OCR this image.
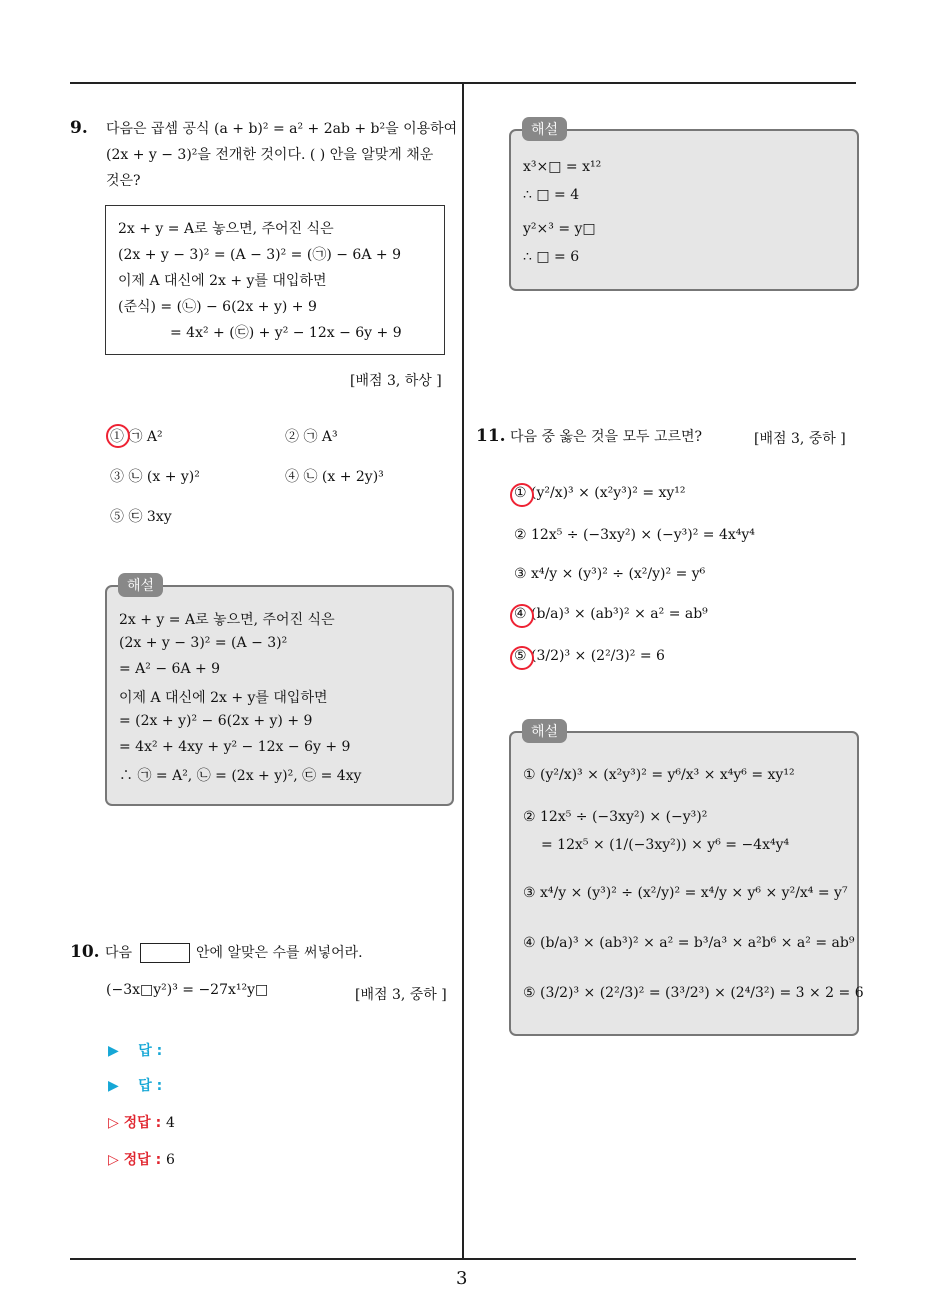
3
9. 다음은 곱셈 공식 (a + b)² = a² + 2ab + b²을 이용하여
(2x + y − 3)²을 전개한 것이다. ( ) 안을 알맞게 채운
것은?
2x + y = A로 놓으면, 주어진 식은
(2x + y − 3)² = (A − 3)² = (㉠) − 6A + 9
이제 A 대신에 2x + y를 대입하면
(준식) = (㉡) − 6(2x + y) + 9
= 4x² + (㉢) + y² − 12x − 6y + 9
[배점 3, 하상 ]
① ㉠ A²	② ㉠ A³
③ ㉡ (x + y)²	④ ㉡ (x + 2y)³
⑤ ㉢ 3xy
2x + y = A로 놓으면, 주어진 식은
(2x + y − 3)² = (A − 3)²
= A² − 6A + 9
이제 A 대신에 2x + y를 대입하면
= (2x + y)² − 6(2x + y) + 9
= 4x² + 4xy + y² − 12x − 6y + 9
∴ ㉠ = A², ㉡ = (2x + y)², ㉢ = 4xy
해설
10. 다음	안에 알맞은 수를 써넣어라.
(−3x□y²)³ = −27x¹²y□	[배점 3, 중하 ]
▶    답 :
▶    답 :
▷ 정답 : 4
▷ 정답 : 6
x³×□ = x¹²
∴ □ = 4
y²×³ = y□
∴ □ = 6
해설
11. 다음 중 옳은 것을 모두 고르면?	[배점 3, 중하 ]
① (y²/x)³ × (x²y³)² = xy¹²
② 12x⁵ ÷ (−3xy²) × (−y³)² = 4x⁴y⁴
③ x⁴/y × (y³)² ÷ (x²/y)² = y⁶
④ (b/a)³ × (ab³)² × a² = ab⁹
⑤ (3/2)³ × (2²/3)² = 6
① (y²/x)³ × (x²y³)² = y⁶/x³ × x⁴y⁶ = xy¹²
② 12x⁵ ÷ (−3xy²) × (−y³)²
= 12x⁵ × (1/(−3xy²)) × y⁶ = −4x⁴y⁴
③ x⁴/y × (y³)² ÷ (x²/y)² = x⁴/y × y⁶ × y²/x⁴ = y⁷
④ (b/a)³ × (ab³)² × a² = b³/a³ × a²b⁶ × a² = ab⁹
⑤ (3/2)³ × (2²/3)² = (3³/2³) × (2⁴/3²) = 3 × 2 = 6
해설
